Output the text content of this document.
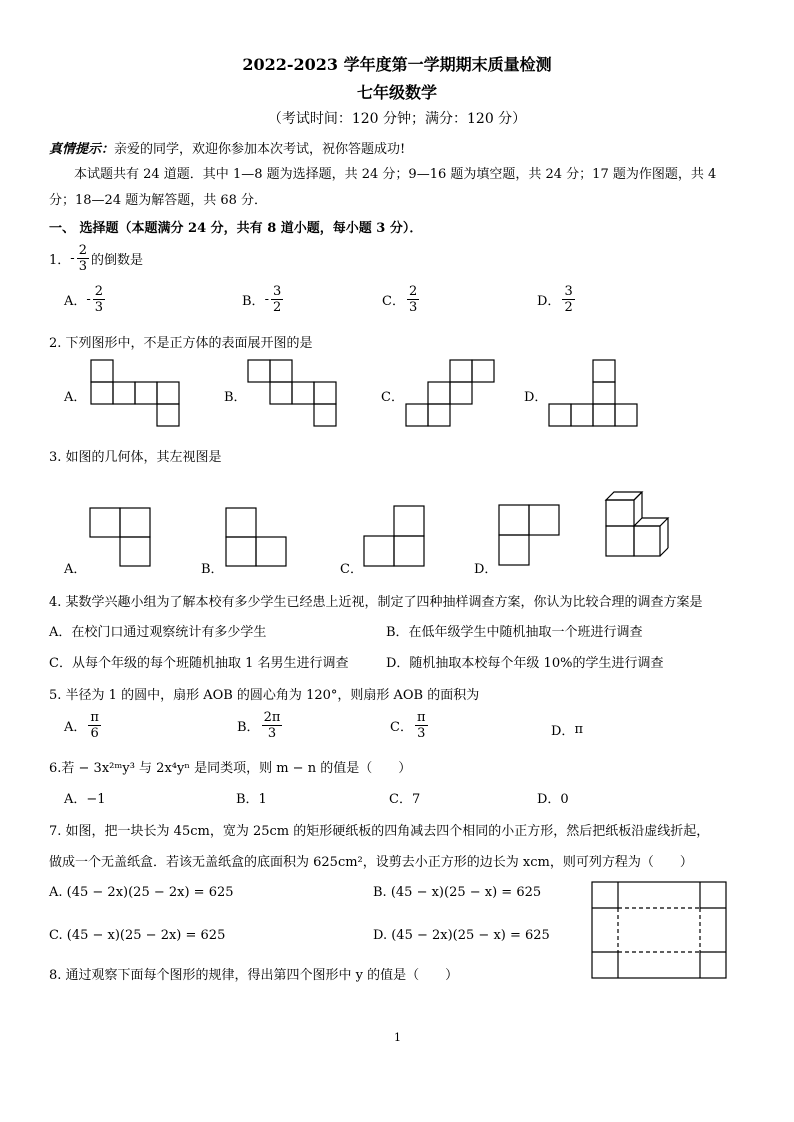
2022-2023 学年度第一学期期末质量检测
七年级数学
（考试时间：120 分钟；满分：120 分）
真情提示：亲爱的同学，欢迎你参加本次考试，祝你答题成功!
本试题共有 24 道题．其中 1—8 题为选择题，共 24 分；9—16 题为填空题，共 24 分；17 题为作图题，共 4
分；18—24 题为解答题，共 68 分．
一、 选择题（本题满分 24 分，共有 8 道小题，每小题 3 分）．
1． - $\frac{2}{3}$ 的倒数是
A． - $\frac{2}{3}$	B． - $\frac{3}{2}$	C． $\frac{2}{3}$	D． $\frac{3}{2}$
2. 下列图形中，不是正方体的表面展开图的是
A．	B．	C．	D．
3. 如图的几何体，其左视图是
A．	B．	C．	D．
4. 某数学兴趣小组为了解本校有多少学生已经患上近视，制定了四种抽样调查方案，你认为比较合理的调查方案是
A．在校门口通过观察统计有多少学生	B．在低年级学生中随机抽取一个班进行调查
C．从每个年级的每个班随机抽取 1 名男生进行调查	D．随机抽取本校每个年级 10%的学生进行调查
5. 半径为 1 的圆中，扇形 AOB 的圆心角为 120°，则扇形 AOB 的面积为
A． $\frac{\pi}{6}$	B． $\frac{2\pi}{3}$	C． $\frac{\pi}{3}$	D． π
6.若 − 3x²ᵐy³ 与 2x⁴yⁿ 是同类项，则 m − n 的值是（　　）
A．−1	B．1	C．7	D．0
7. 如图，把一块长为 45cm，宽为 25cm 的矩形硬纸板的四角减去四个相同的小正方形，然后把纸板沿虚线折起，
做成一个无盖纸盒．若该无盖纸盒的底面积为 625cm²，设剪去小正方形的边长为 xcm，则可列方程为（　　）
A. (45 − 2x)(25 − 2x) = 625	B. (45 − x)(25 − x) = 625
C. (45 − x)(25 − 2x) = 625	D. (45 − 2x)(25 − x) = 625
8. 通过观察下面每个图形的规律，得出第四个图形中 y 的值是（　　）
1
